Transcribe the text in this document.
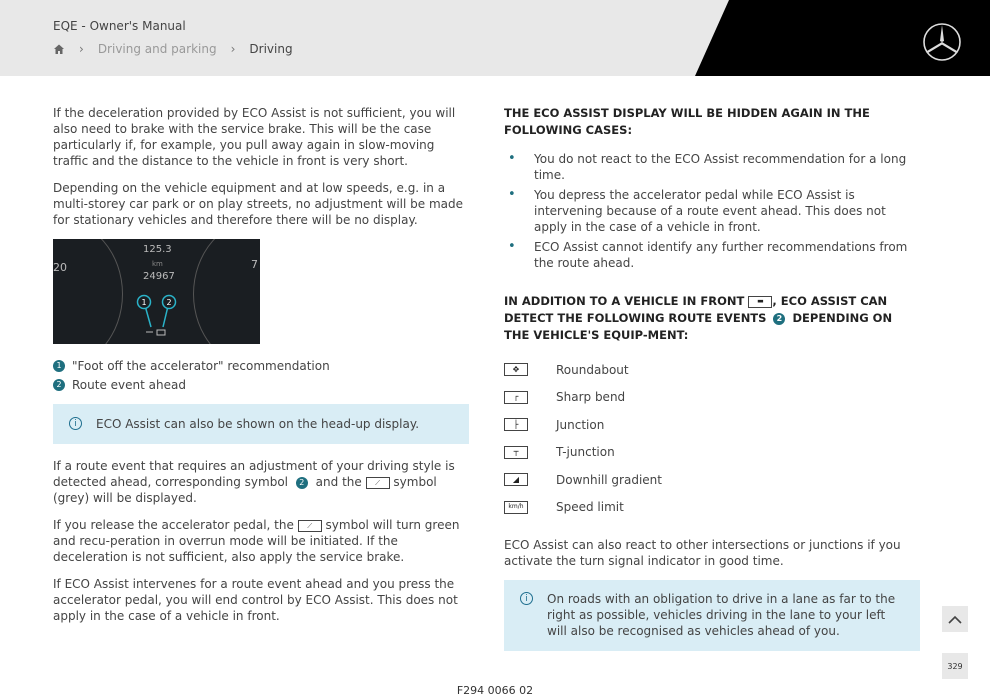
EQE - Owner's Manual
› Driving and parking › Driving

If the deceleration provided by ECO Assist is not sufficient, you will also need to brake with the service brake. This will be the case particularly if, for example, you pull away again in slow-moving traffic and the distance to the vehicle in front is very short.

Depending on the vehicle equipment and at low speeds, e.g. in a multi-storey car park or on play streets, no adjustment will be made for stationary vehicles and therefore there will be no display.

125.3
km
24967
20	7
1 2
1 "Foot off the accelerator" recommendation
2 Route event ahead
i	ECO Assist can also be shown on the head-up display.

If a route event that requires an adjustment of your driving style is detected ahead, corresponding symbol 2 and the ⟋ symbol (grey) will be displayed.

If you release the accelerator pedal, the ⟋ symbol will turn green and recu-peration in overrun mode will be initiated. If the deceleration is not sufficient, also apply the service brake.

If ECO Assist intervenes for a route event ahead and you press the accelerator pedal, you will end control by ECO Assist. This does not apply in the case of a vehicle in front.

THE ECO ASSIST DISPLAY WILL BE HIDDEN AGAIN IN THE FOLLOWING CASES:
• You do not react to the ECO Assist recommendation for a long time.
• You depress the accelerator pedal while ECO Assist is intervening because of a route event ahead. This does not apply in the case of a vehicle in front.
• ECO Assist cannot identify any further recommendations from the route ahead.
IN ADDITION TO A VEHICLE IN FRONT ▬ , ECO ASSIST CAN DETECT THE FOLLOWING ROUTE EVENTS 2 DEPENDING ON THE VEHICLE'S EQUIP-MENT:
✥	Roundabout
┌	Sharp bend
├	Junction
┬	T-junction
◢	Downhill gradient
km/h	Speed limit

ECO Assist can also react to other intersections or junctions if you activate the turn signal indicator in good time.

i	On roads with an obligation to drive in a lane as far to the right as possible, vehicles driving in the lane to your left will also be recognised as vehicles ahead of you.
329
F294 0066 02
